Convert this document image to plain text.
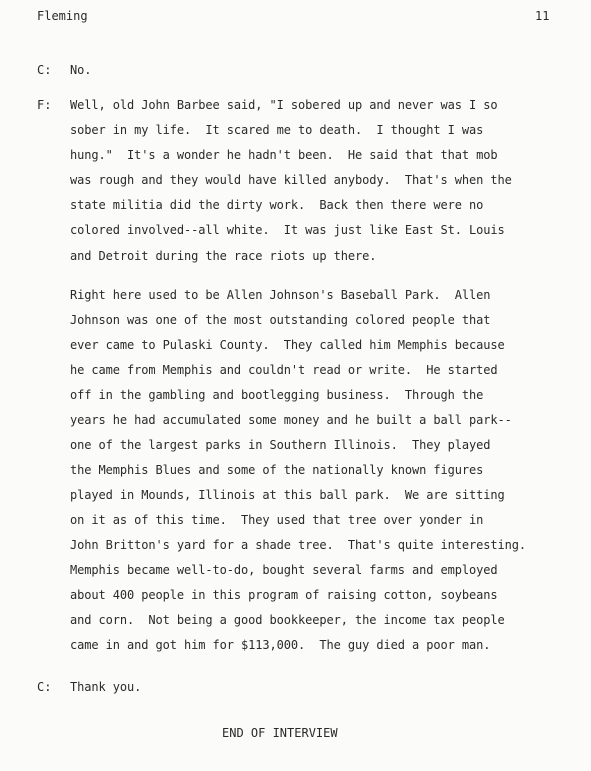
Fleming	11
C: No.
F: Well, old John Barbee said, "I sobered up and never was I so
sober in my life.  It scared me to death.  I thought I was
hung."  It's a wonder he hadn't been.  He said that that mob
was rough and they would have killed anybody.  That's when the
state militia did the dirty work.  Back then there were no
colored involved--all white.  It was just like East St. Louis
and Detroit during the race riots up there.
Right here used to be Allen Johnson's Baseball Park.  Allen
Johnson was one of the most outstanding colored people that
ever came to Pulaski County.  They called him Memphis because
he came from Memphis and couldn't read or write.  He started
off in the gambling and bootlegging business.  Through the
years he had accumulated some money and he built a ball park--
one of the largest parks in Southern Illinois.  They played
the Memphis Blues and some of the nationally known figures
played in Mounds, Illinois at this ball park.  We are sitting
on it as of this time.  They used that tree over yonder in
John Britton's yard for a shade tree.  That's quite interesting.
Memphis became well-to-do, bought several farms and employed
about 400 people in this program of raising cotton, soybeans
and corn.  Not being a good bookkeeper, the income tax people
came in and got him for $113,000.  The guy died a poor man.
C: Thank you.
END OF INTERVIEW
